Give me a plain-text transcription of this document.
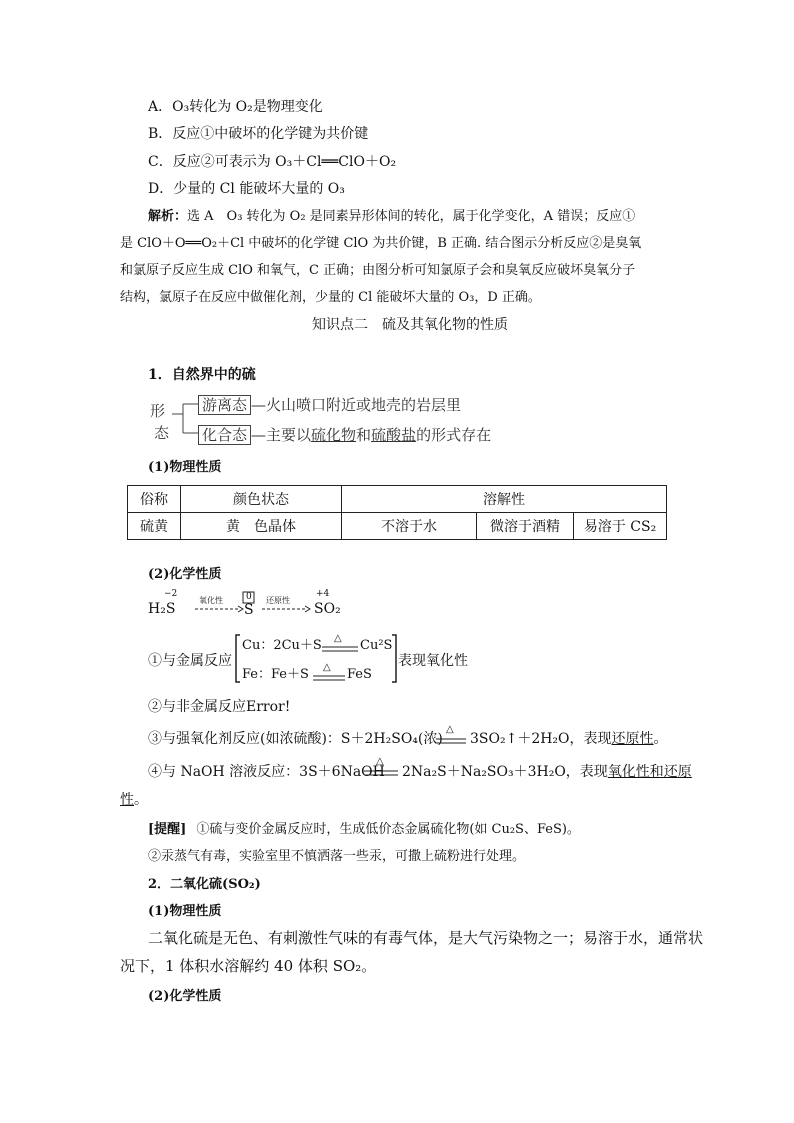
A．O₃转化为 O₂是物理变化
B．反应①中破坏的化学键为共价键
C．反应②可表示为 O₃＋Cl══ClO＋O₂
D．少量的 Cl 能破坏大量的 O₃
解析：选 A　O₃ 转化为 O₂ 是同素异形体间的转化，属于化学变化，A 错误；反应①
是 ClO＋O══O₂＋Cl 中破坏的化学键 ClO 为共价键，B 正确. 结合图示分析反应②是臭氧
和氯原子反应生成 ClO 和氧气，C 正确；由图分析可知氯原子会和臭氧反应破坏臭氧分子
结构，氯原子在反应中做催化剂，少量的 Cl 能破坏大量的 O₃，D 正确。
知识点二　硫及其氧化物的性质
1．自然界中的硫
形
态
游离态 —火山喷口附近或地壳的岩层里
化合态 —主要以硫化物和硫酸盐的形式存在
(1)物理性质
俗称	颜色状态	溶解性		
硫黄	黄　色晶体	不溶于水	微溶于酒精	易溶于 CS₂
(2)化学性质
−2
H₂S
氧化性	0
S
还原性
+4
SO₂
①与金属反应
Cu：2Cu＋S △ Cu²S
Fe：Fe＋S △ FeS
表现氧化性
②与非金属反应Error!
③与强氧化剂反应(如浓硫酸)：S＋2H₂SO₄(浓)
△
3SO₂↑＋2H₂O，表现还原性。
④与 NaOH 溶液反应：3S＋6NaOH
△
2Na₂S＋Na₂SO₃＋3H₂O，表现氧化性和还原
性。
[提醒] ①硫与变价金属反应时，生成低价态金属硫化物(如 Cu₂S、FeS)。
②汞蒸气有毒，实验室里不慎洒落一些汞，可撒上硫粉进行处理。
2．二氧化硫(SO₂)
(1)物理性质
二氧化硫是无色、有刺激性气味的有毒气体，是大气污染物之一；易溶于水，通常状
况下，1 体积水溶解约 40 体积 SO₂。
(2)化学性质
